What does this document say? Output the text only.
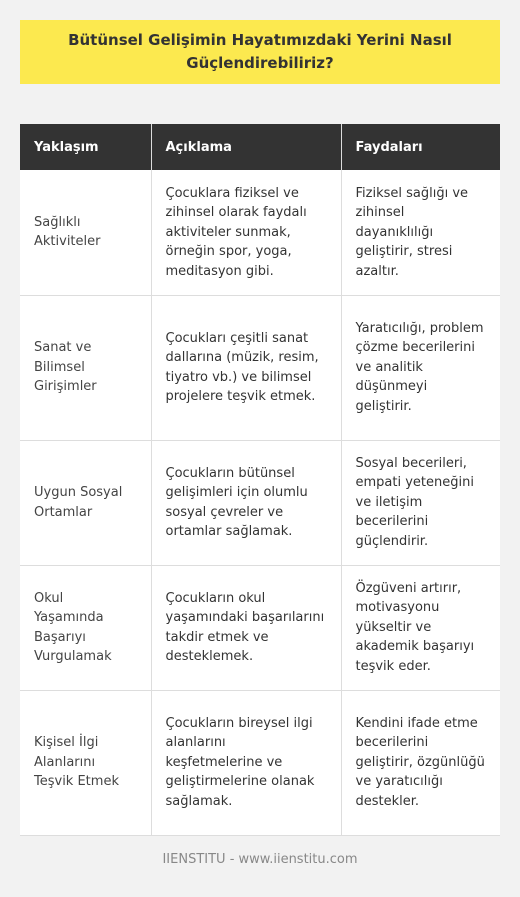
Bütünsel Gelişimin Hayatımızdaki Yerini Nasıl Güçlendirebiliriz?
Yaklaşım	Açıklama	Faydaları
Sağlıklı Aktiviteler	Çocuklara fiziksel ve zihinsel olarak faydalı aktiviteler sunmak, örneğin spor, yoga, meditasyon gibi.	Fiziksel sağlığı ve zihinsel dayanıklılığı geliştirir, stresi azaltır.
Sanat ve Bilimsel Girişimler	Çocukları çeşitli sanat dallarına (müzik, resim, tiyatro vb.) ve bilimsel projelere teşvik etmek.	Yaratıcılığı, problem çözme becerilerini ve analitik düşünmeyi geliştirir.
Uygun Sosyal Ortamlar	Çocukların bütünsel gelişimleri için olumlu sosyal çevreler ve ortamlar sağlamak.	Sosyal becerileri, empati yeteneğini ve iletişim becerilerini güçlendirir.
Okul Yaşamında Başarıyı Vurgulamak	Çocukların okul yaşamındaki başarılarını takdir etmek ve desteklemek.	Özgüveni artırır, motivasyonu yükseltir ve akademik başarıyı teşvik eder.
Kişisel İlgi Alanlarını Teşvik Etmek	Çocukların bireysel ilgi alanlarını keşfetmelerine ve geliştirmelerine olanak sağlamak.	Kendini ifade etme becerilerini geliştirir, özgünlüğü ve yaratıcılığı destekler.
IIENSTITU - www.iienstitu.com
